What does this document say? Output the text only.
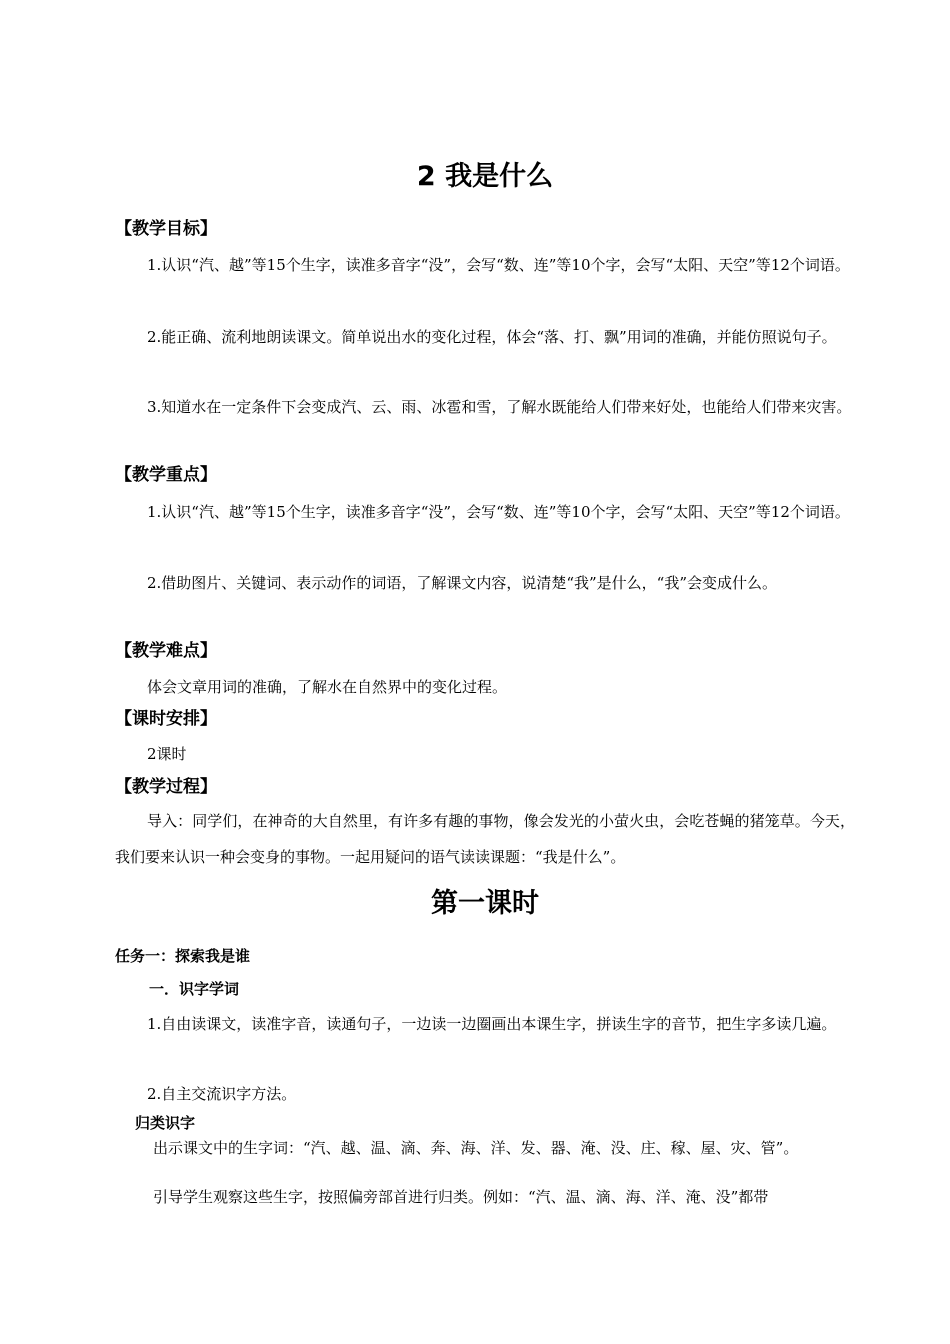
2 我是什么
【教学目标】

1.认识“汽、越”等15个生字，读准多音字“没”，会写“数、连”等10个字，会写“太阳、天空”等12个词语。

2.能正确、流利地朗读课文。简单说出水的变化过程，体会“落、打、飘”用词的准确，并能仿照说句子。

3.知道水在一定条件下会变成汽、云、雨、冰雹和雪，了解水既能给人们带来好处，也能给人们带来灾害。

【教学重点】

1.认识“汽、越”等15个生字，读准多音字“没”，会写“数、连”等10个字，会写“太阳、天空”等12个词语。

2.借助图片、关键词、表示动作的词语，了解课文内容，说清楚“我”是什么，“我”会变成什么。

【教学难点】

体会文章用词的准确，了解水在自然界中的变化过程。

【课时安排】

2课时

【教学过程】

导入：同学们，在神奇的大自然里，有许多有趣的事物，像会发光的小萤火虫，会吃苍蝇的猪笼草。今天，我们要来认识一种会变身的事物。一起用疑问的语气读读课题：“我是什么”。

第一课时
任务一：探索我是谁
一．识字学词

1.自由读课文，读准字音，读通句子，一边读一边圈画出本课生字，拼读生字的音节，把生字多读几遍。

2.自主交流识字方法。

归类识字

出示课文中的生字词：“汽、越、温、滴、奔、海、洋、发、器、淹、没、庄、稼、屋、灾、管”。

引导学生观察这些生字，按照偏旁部首进行归类。例如：“汽、温、滴、海、洋、淹、没”都带
